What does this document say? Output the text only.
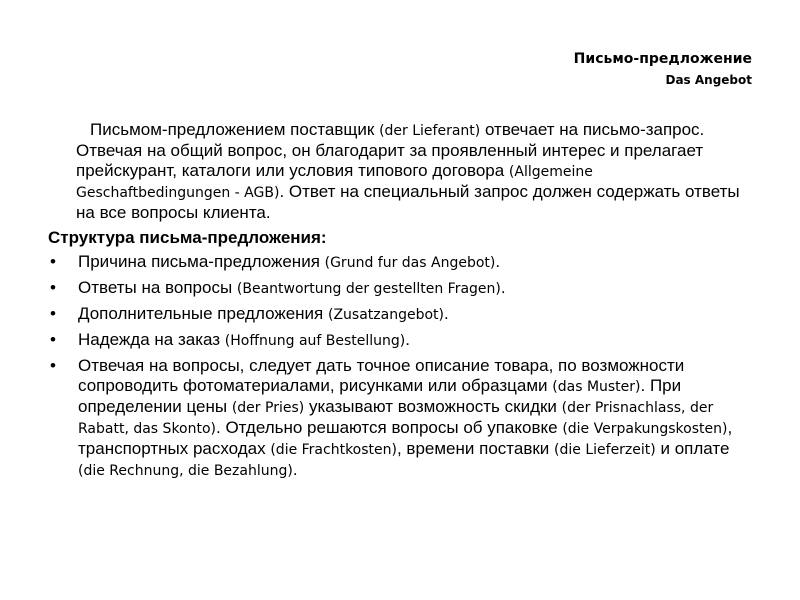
Письмо-предложение
Das Angebot

Письмом-предложением поставщик (der Lieferant) отвечает на письмо-запрос. Отвечая на общий вопрос, он благодарит за проявленный интерес и прелагает прейскурант, каталоги или условия типового договора (Allgemeine Geschaftbedingungen - AGB). Ответ на специальный запрос должен содержать ответы на все вопросы клиента.

Структура письма-предложения:
• Причина письма-предложения (Grund fur das Angebot).
• Ответы на вопросы (Beantwortung der gestellten Fragen).
• Дополнительные предложения (Zusatzangebot).
• Надежда на заказ (Hoffnung auf Bestellung).
• Отвечая на вопросы, следует дать точное описание товара, по возможности сопроводить фотоматериалами, рисунками или образцами (das Muster). При определении цены (der Pries) указывают возможность скидки (der Prisnachlass, der Rabatt, das Skonto). Отдельно решаются вопросы об упаковке (die Verpakungskosten), транспортных расходах (die Frachtkosten), времени поставки (die Lieferzeit) и оплате (die Rechnung, die Bezahlung).
